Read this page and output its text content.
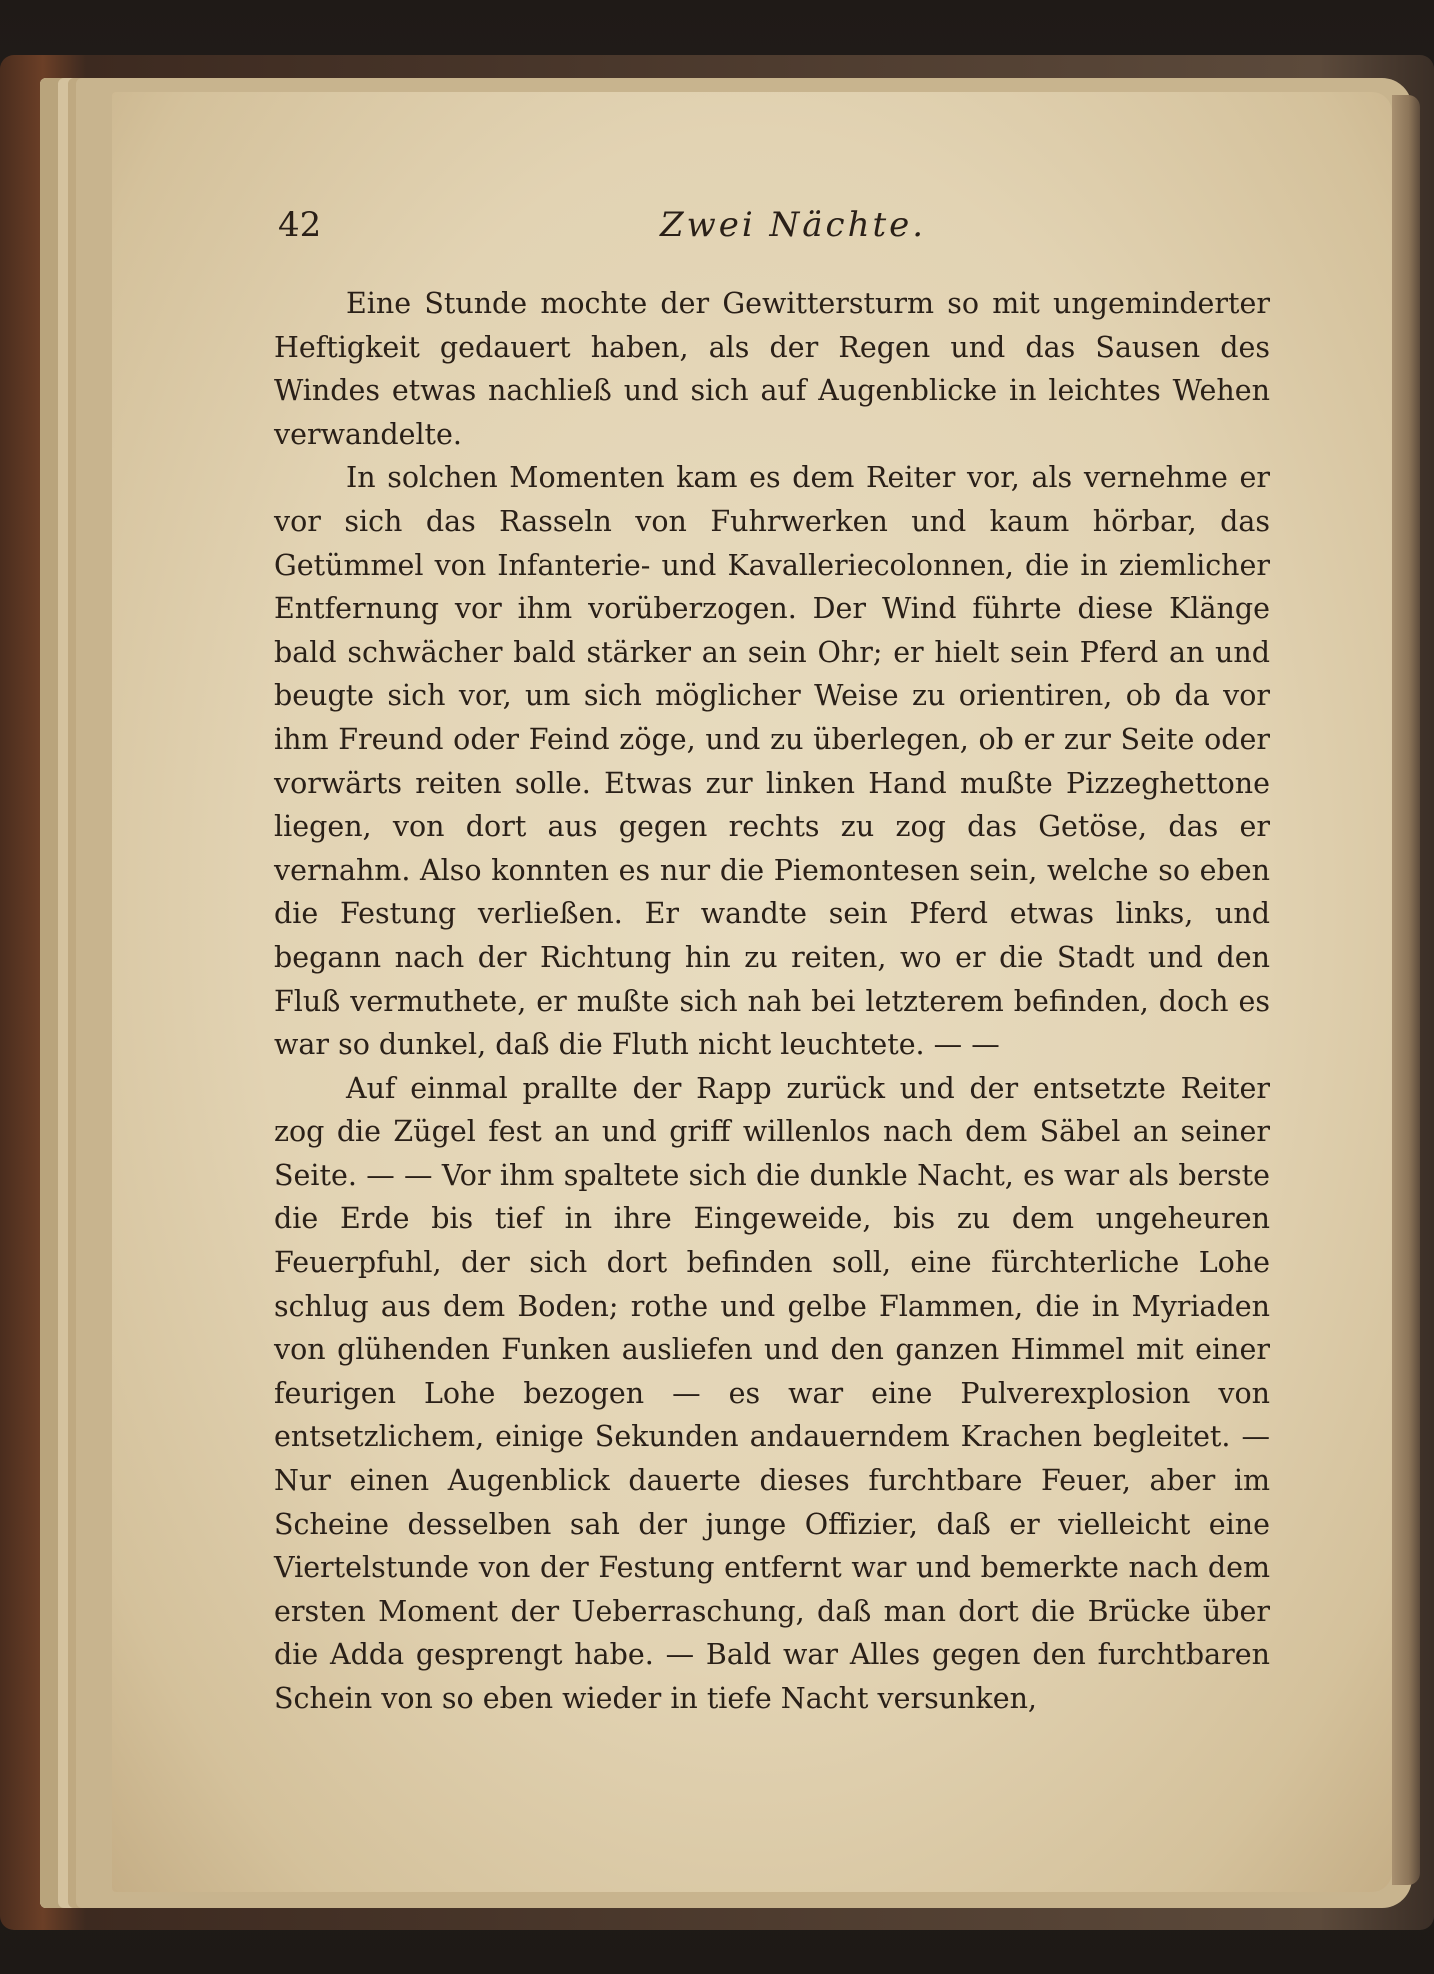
42	Zwei Nächte.

Eine Stunde mochte der Gewittersturm so mit ungeminderter Heftigkeit gedauert haben, als der Regen und das Sausen des Windes etwas nachließ und sich auf Augenblicke in leichtes Wehen verwandelte.

In solchen Momenten kam es dem Reiter vor, als vernehme er vor sich das Rasseln von Fuhrwerken und kaum hörbar, das Getümmel von Infanterie- und Kavalleriecolonnen, die in ziemlicher Entfernung vor ihm vorüberzogen. Der Wind führte diese Klänge bald schwächer bald stärker an sein Ohr; er hielt sein Pferd an und beugte sich vor, um sich möglicher Weise zu orientiren, ob da vor ihm Freund oder Feind zöge, und zu überlegen, ob er zur Seite oder vorwärts reiten solle. Etwas zur linken Hand mußte Pizzeghettone liegen, von dort aus gegen rechts zu zog das Getöse, das er vernahm. Also konnten es nur die Piemontesen sein, welche so eben die Festung verließen. Er wandte sein Pferd etwas links, und begann nach der Richtung hin zu reiten, wo er die Stadt und den Fluß vermuthete, er mußte sich nah bei letzterem befinden, doch es war so dunkel, daß die Fluth nicht leuchtete. — —

Auf einmal prallte der Rapp zurück und der entsetzte Reiter zog die Zügel fest an und griff willenlos nach dem Säbel an seiner Seite. — — Vor ihm spaltete sich die dunkle Nacht, es war als berste die Erde bis tief in ihre Eingeweide, bis zu dem ungeheuren Feuerpfuhl, der sich dort befinden soll, eine fürchterliche Lohe schlug aus dem Boden; rothe und gelbe Flammen, die in Myriaden von glühenden Funken ausliefen und den ganzen Himmel mit einer feurigen Lohe bezogen — es war eine Pulverexplosion von entsetzlichem, einige Sekunden andauerndem Krachen begleitet. — Nur einen Augenblick dauerte dieses furchtbare Feuer, aber im Scheine desselben sah der junge Offizier, daß er vielleicht eine Viertelstunde von der Festung entfernt war und bemerkte nach dem ersten Moment der Ueberraschung, daß man dort die Brücke über die Adda gesprengt habe. — Bald war Alles gegen den furchtbaren Schein von so eben wieder in tiefe Nacht versunken,
